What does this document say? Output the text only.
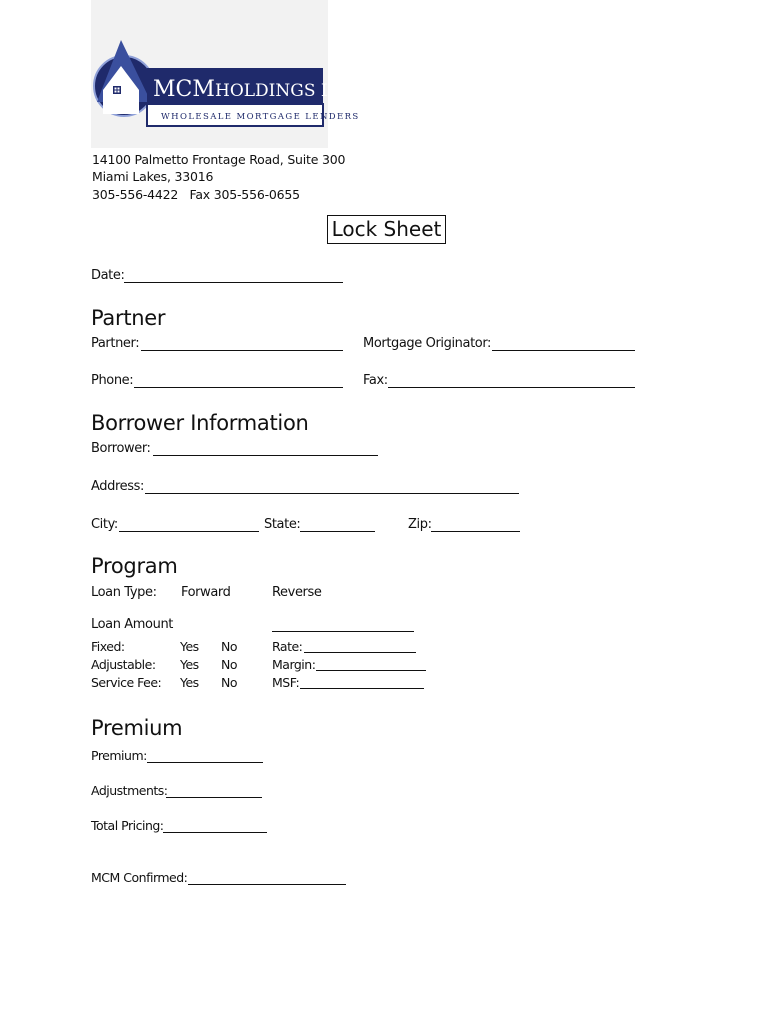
MCM HOLDINGS INC.
WHOLESALE MORTGAGE LENDERS
14100 Palmetto Frontage Road, Suite 300
Miami Lakes, 33016
305-556-4422   Fax 305-556-0655
Lock Sheet
Date:
Partner
Partner:	Mortgage Originator:
Phone:	Fax:
Borrower Information
Borrower:
Address:
City:	State:	Zip:
Program
Loan Type: Forward	Reverse
Loan Amount
Fixed:	Yes No	Rate:
Adjustable: Yes No	Margin:
Service Fee: Yes No	MSF:
Premium
Premium:
Adjustments:
Total Pricing:
MCM Confirmed:
